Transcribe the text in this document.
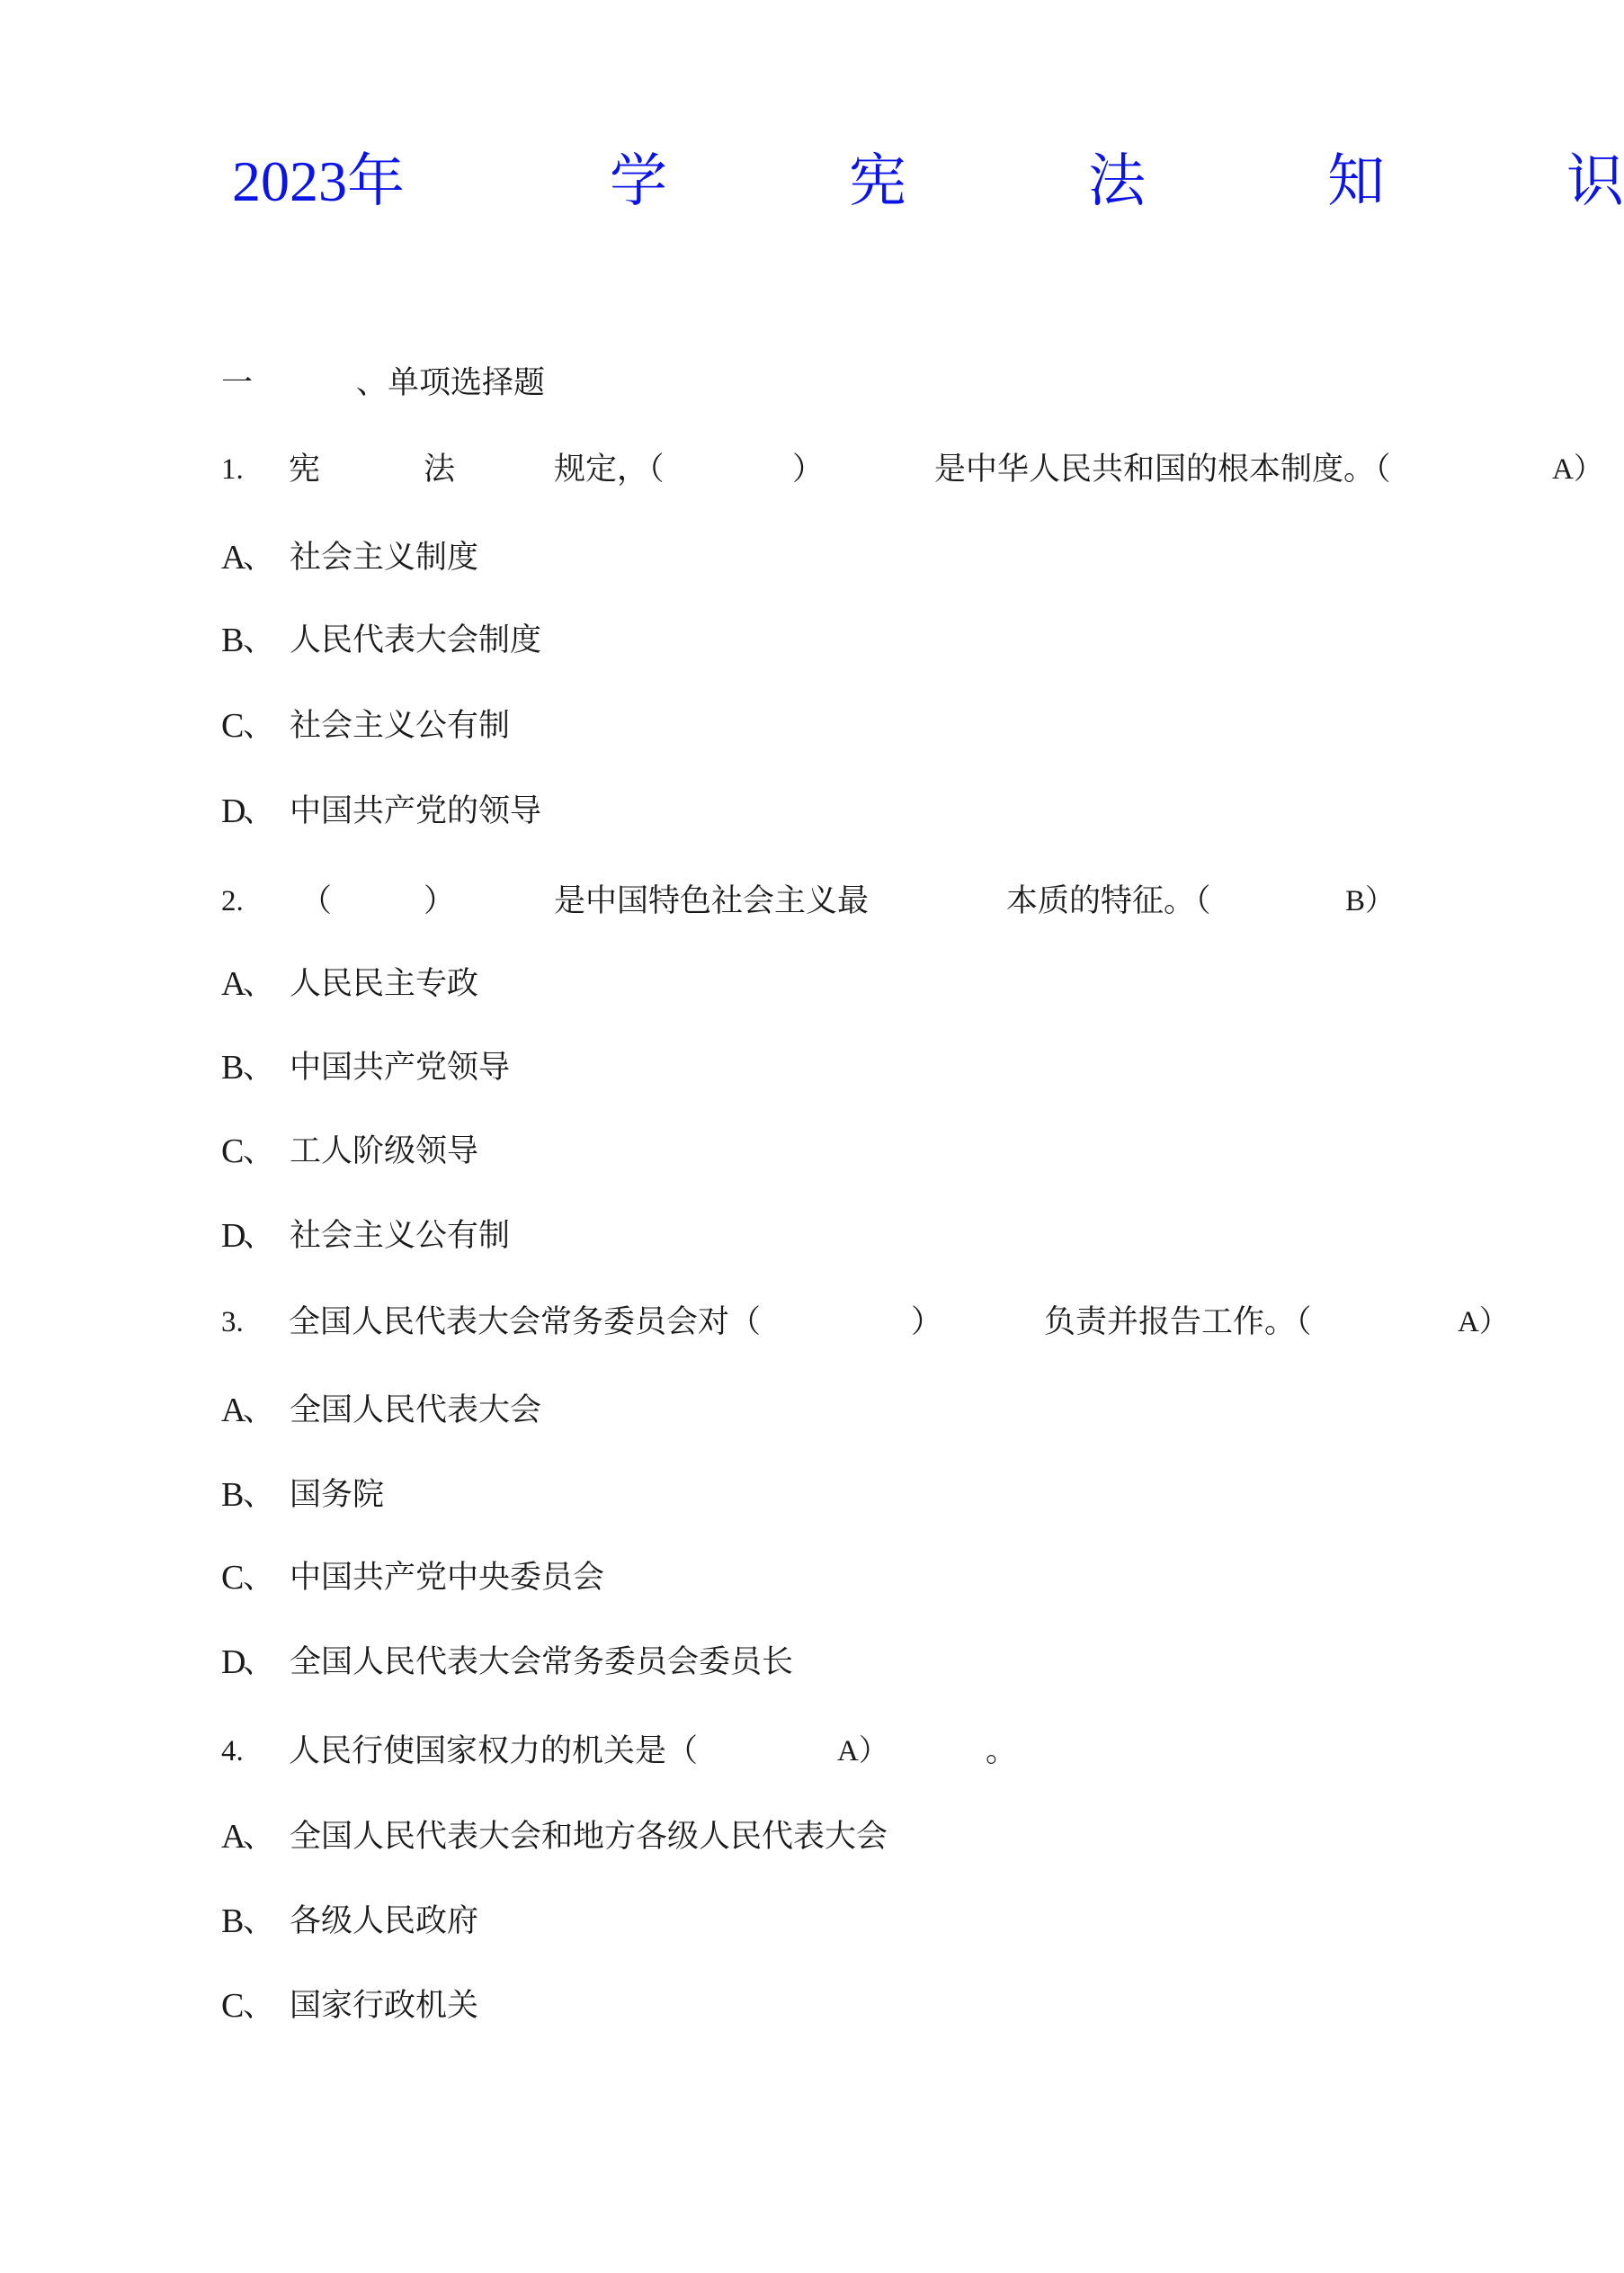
2023年	学	宪	法	知	识
一	、单项选择题
1. 宪	法	规定，（	）	是中华人民共和国的根本制度。（	A）
A
、 社会主义制度
B
、 人民代表大会制度
C
、 社会主义公有制
D
、 中国共产党的领导
2. （	）	是中国特色社会主义最	本质的特征。（	B）
A
、 人民民主专政
B
、 中国共产党领导
C
、 工人阶级领导
D
、 社会主义公有制
3. 全国人民代表大会常务委员会对（	）	负责并报告工作。（	A）
A
、 全国人民代表大会
B
、 国务院
C
、 中国共产党中央委员会
D
、 全国人民代表大会常务委员会委员长
4. 人民行使国家权力的机关是（	A）	。
A
、 全国人民代表大会和地方各级人民代表大会
B
、 各级人民政府
C
、 国家行政机关
